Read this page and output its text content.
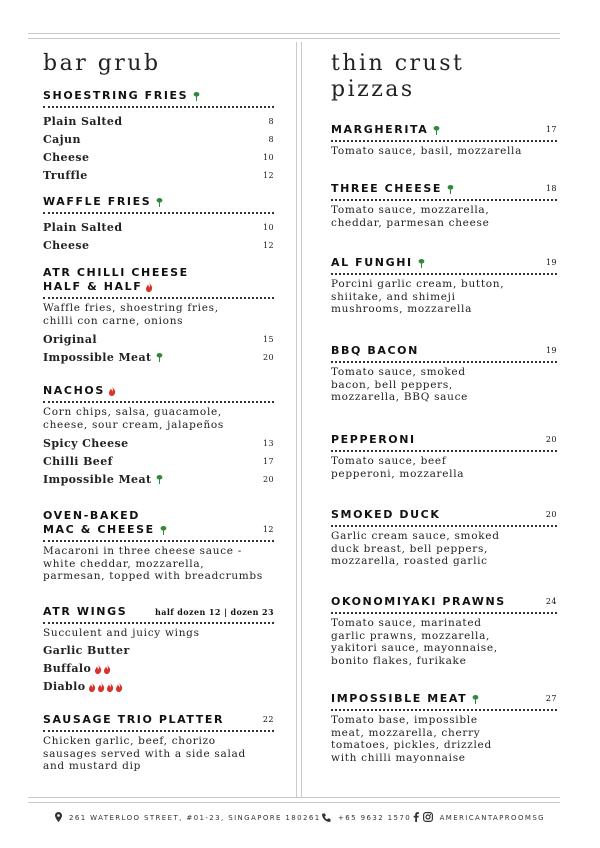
bar grub
SHOESTRING FRIES
Plain Salted	8
Cajun	8
Cheese	10
Truffle	12
WAFFLE FRIES
Plain Salted	10
Cheese	12
ATR CHILLI CHEESE
HALF & HALF
Waffle fries, shoestring fries,
chilli con carne, onions
Original	15
Impossible Meat	20
NACHOS
Corn chips, salsa, guacamole,
cheese, sour cream, jalapeños
Spicy Cheese	13
Chilli Beef	17
Impossible Meat	20
OVEN-BAKED
MAC & CHEESE	12
Macaroni in three cheese sauce -
white cheddar, mozzarella,
parmesan, topped with breadcrumbs
ATR WINGS	half dozen 12 | dozen 23
Succulent and juicy wings
Garlic Butter
Buffalo
Diablo
SAUSAGE TRIO PLATTER	22
Chicken garlic, beef, chorizo
sausages served with a side salad
and mustard dip
thin crust
pizzas
MARGHERITA	17
Tomato sauce, basil, mozzarella
THREE CHEESE	18
Tomato sauce, mozzarella,
cheddar, parmesan cheese
AL FUNGHI	19
Porcini garlic cream, button,
shiitake, and shimeji
mushrooms, mozzarella
BBQ BACON	19
Tomato sauce, smoked
bacon, bell peppers,
mozzarella, BBQ sauce
PEPPERONI	20
Tomato sauce, beef
pepperoni, mozzarella
SMOKED DUCK	20
Garlic cream sauce, smoked
duck breast, bell peppers,
mozzarella, roasted garlic
OKONOMIYAKI PRAWNS	24
Tomato sauce, marinated
garlic prawns, mozzarella,
yakitori sauce, mayonnaise,
bonito flakes, furikake
IMPOSSIBLE MEAT	27
Tomato base, impossible
meat, mozzarella, cherry
tomatoes, pickles, drizzled
with chilli mayonnaise
261 WATERLOO STREET, #01-23, SINGAPORE 180261 +65 9632 1570	AMERICANTAPROOMSG
